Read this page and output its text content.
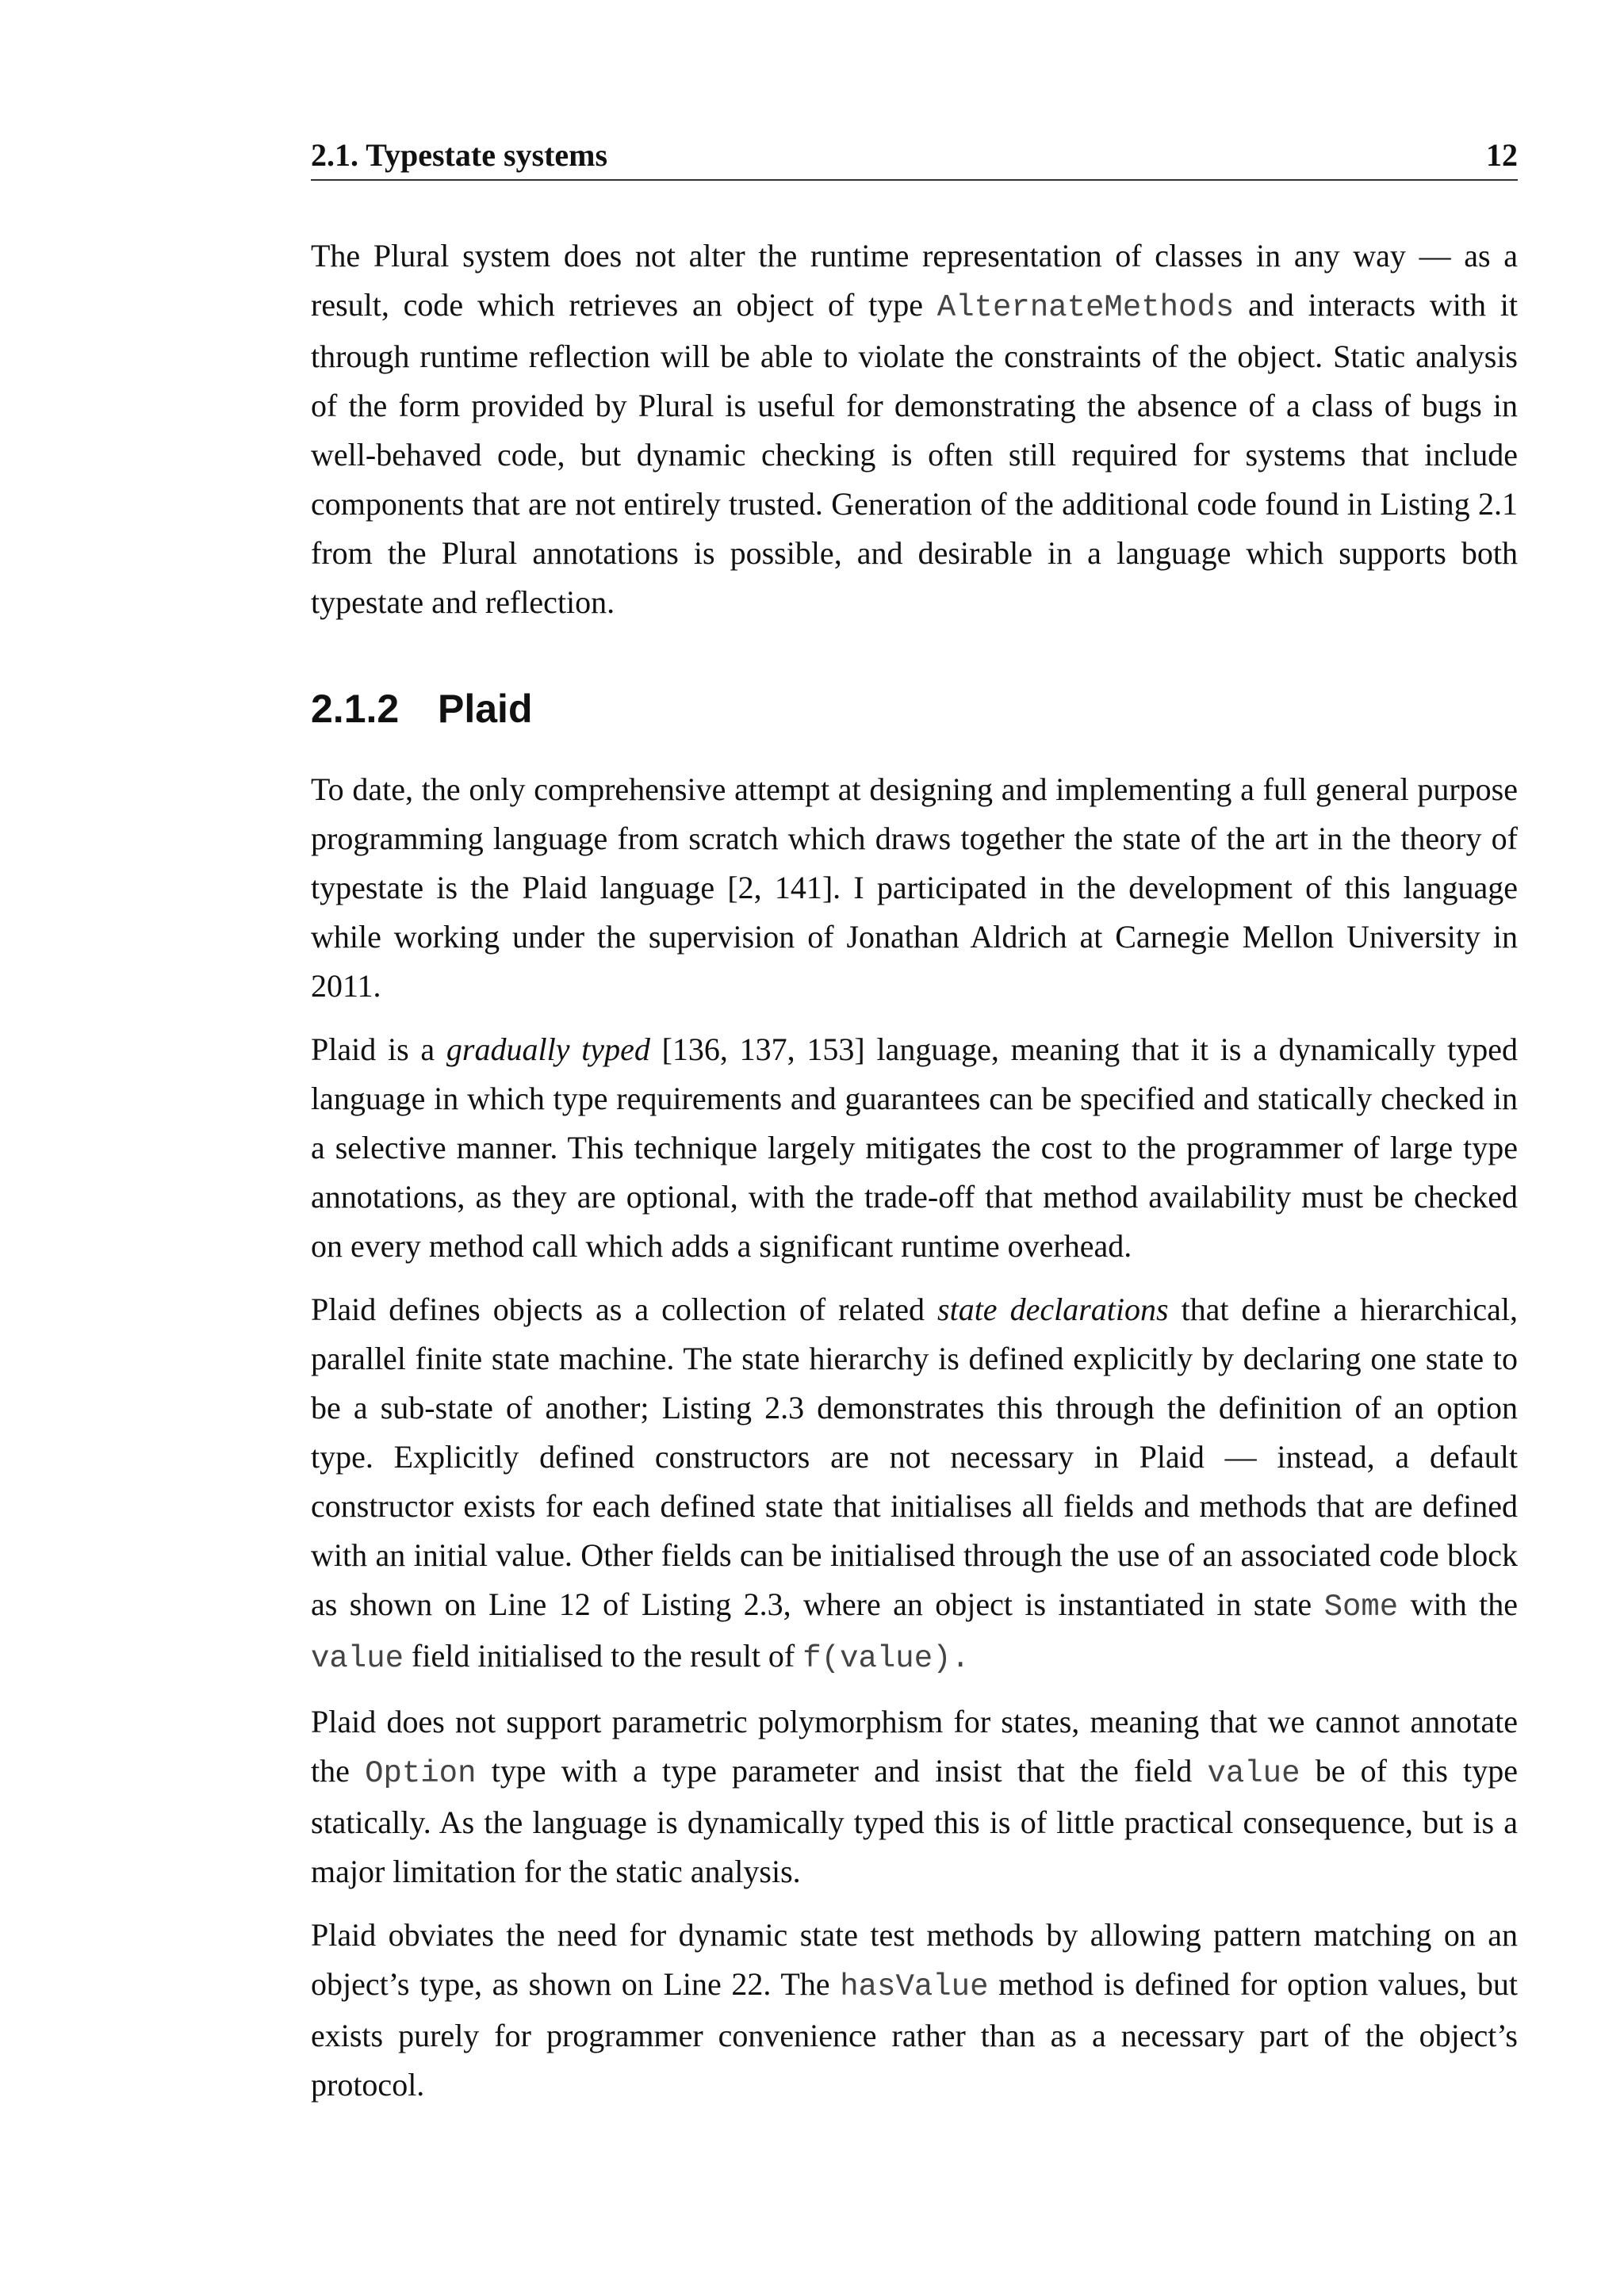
2.1. Typestate systems	12

The Plural system does not alter the runtime representation of classes in any way — as a result, code which retrieves an object of type AlternateMethods and interacts with it through runtime reflection will be able to violate the constraints of the object. Static analysis of the form provided by Plural is useful for demonstrating the absence of a class of bugs in well-behaved code, but dynamic checking is often still required for systems that include components that are not entirely trusted. Generation of the additional code found in Listing 2.1 from the Plural annotations is possible, and desirable in a language which supports both typestate and reflection.

2.1.2 Plaid

To date, the only comprehensive attempt at designing and implementing a full general purpose programming language from scratch which draws together the state of the art in the theory of typestate is the Plaid language [2, 141]. I participated in the development of this language while working under the supervision of Jonathan Aldrich at Carnegie Mellon University in 2011.

Plaid is a gradually typed [136, 137, 153] language, meaning that it is a dynamically typed language in which type requirements and guarantees can be specified and statically checked in a selective manner. This technique largely mitigates the cost to the programmer of large type annotations, as they are optional, with the trade-off that method availability must be checked on every method call which adds a significant runtime overhead.

Plaid defines objects as a collection of related state declarations that define a hierarchical, parallel finite state machine. The state hierarchy is defined explicitly by declaring one state to be a sub-state of another; Listing 2.3 demonstrates this through the definition of an option type. Explicitly defined constructors are not necessary in Plaid — instead, a default constructor exists for each defined state that initialises all fields and methods that are defined with an initial value. Other fields can be initialised through the use of an associated code block as shown on Line 12 of Listing 2.3, where an object is instantiated in state Some with the value field initialised to the result of f(value).

Plaid does not support parametric polymorphism for states, meaning that we cannot annotate the Option type with a type parameter and insist that the field value be of this type statically. As the language is dynamically typed this is of little practical consequence, but is a major limitation for the static analysis.

Plaid obviates the need for dynamic state test methods by allowing pattern matching on an object’s type, as shown on Line 22. The hasValue method is defined for option values, but exists purely for programmer convenience rather than as a necessary part of the object’s protocol.
